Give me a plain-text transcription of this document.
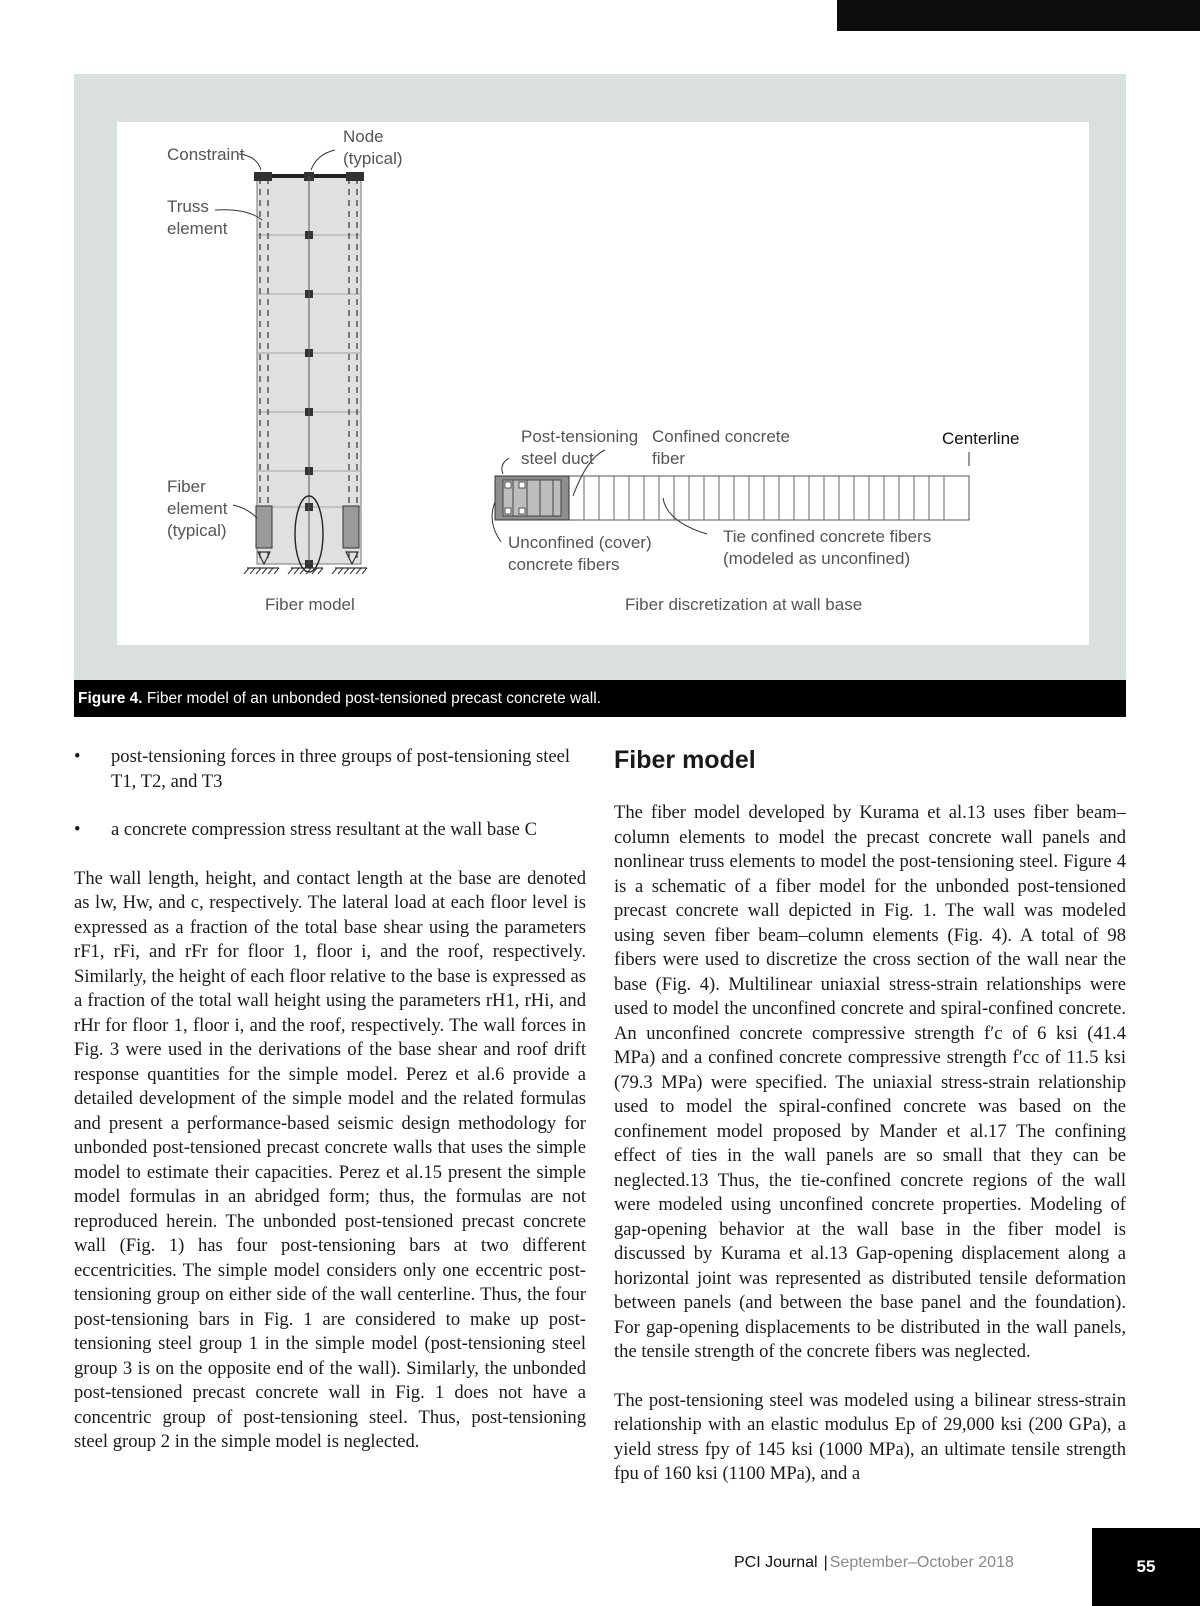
Constraint
Node
(typical)
Truss
element
Fiber
element
(typical)
Fiber model
Post-tensioning
steel duct
Confined concrete
fiber
Centerline
Unconfined (cover)
concrete fibers
Tie confined concrete fibers
(modeled as unconfined)
Fiber discretization at wall base
Figure 4. Fiber model of an unbonded post-tensioned precast concrete wall.
• post-tensioning forces in three groups of post-tensioning steel T1, T2, and T3
• a concrete compression stress resultant at the wall base C

The wall length, height, and contact length at the base are denoted as lw, Hw, and c, respectively. The lateral load at each floor level is expressed as a fraction of the total base shear using the parameters rF1, rFi, and rFr for floor 1, floor i, and the roof, respectively. Similarly, the height of each floor relative to the base is expressed as a fraction of the total wall height using the parameters rH1, rHi, and rHr for floor 1, floor i, and the roof, respectively. The wall forces in Fig. 3 were used in the derivations of the base shear and roof drift response quantities for the simple model. Perez et al.6 provide a detailed development of the simple model and the related formulas and present a performance-based seismic design methodology for unbonded post-tensioned precast concrete walls that uses the simple model to estimate their capacities. Perez et al.15 present the simple model formulas in an abridged form; thus, the formulas are not reproduced herein. The unbonded post-tensioned precast concrete wall (Fig. 1) has four post-tensioning bars at two different eccentricities. The simple model considers only one eccentric post-tensioning group on either side of the wall centerline. Thus, the four post-tensioning bars in Fig. 1 are considered to make up post-tensioning steel group 1 in the simple model (post-tensioning steel group 3 is on the opposite end of the wall). Similarly, the unbonded post-tensioned precast concrete wall in Fig. 1 does not have a concentric group of post-tensioning steel. Thus, post-tensioning steel group 2 in the simple model is neglected.

Fiber model

The fiber model developed by Kurama et al.13 uses fiber beam–column elements to model the precast concrete wall panels and nonlinear truss elements to model the post-tensioning steel. Figure 4 is a schematic of a fiber model for the unbonded post-tensioned precast concrete wall depicted in Fig. 1. The wall was modeled using seven fiber beam–column elements (Fig. 4). A total of 98 fibers were used to discretize the cross section of the wall near the base (Fig. 4). Multilinear uniaxial stress-strain relationships were used to model the unconfined concrete and spiral-confined concrete. An unconfined concrete compressive strength f′c of 6 ksi (41.4 MPa) and a confined concrete compressive strength f′cc of 11.5 ksi (79.3 MPa) were specified. The uniaxial stress-strain relationship used to model the spiral-confined concrete was based on the confinement model proposed by Mander et al.17 The confining effect of ties in the wall panels are so small that they can be neglected.13 Thus, the tie-confined concrete regions of the wall were modeled using unconfined concrete properties. Modeling of gap-opening behavior at the wall base in the fiber model is discussed by Kurama et al.13 Gap-opening displacement along a horizontal joint was represented as distributed tensile deformation between panels (and between the base panel and the foundation). For gap-opening displacements to be distributed in the wall panels, the tensile strength of the concrete fibers was neglected.

The post-tensioning steel was modeled using a bilinear stress-strain relationship with an elastic modulus Ep of 29,000 ksi (200 GPa), a yield stress fpy of 145 ksi (1000 MPa), an ultimate tensile strength fpu of 160 ksi (1100 MPa), and a

PCI Journal | September–October 2018	55
